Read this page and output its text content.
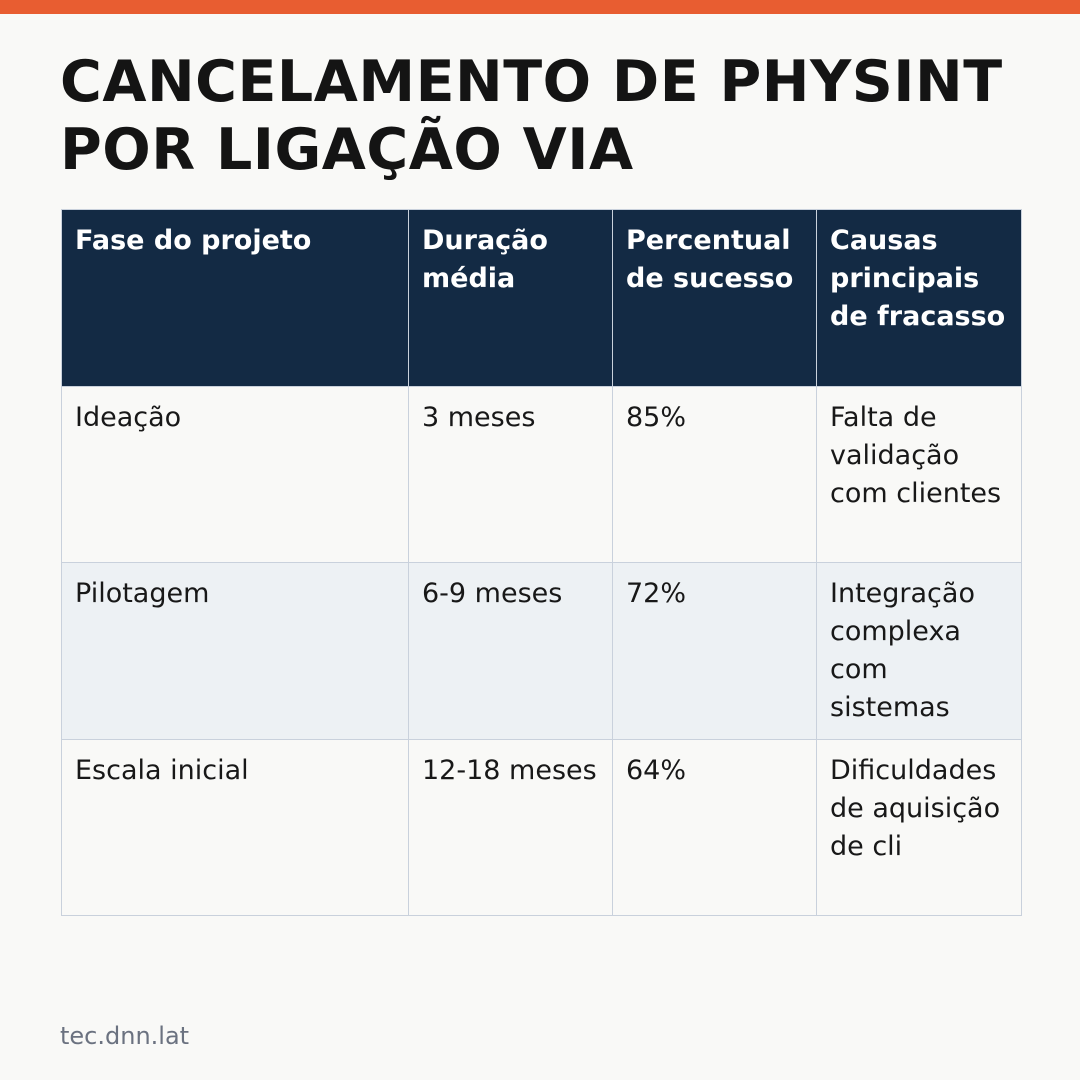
CANCELAMENTO DE PHYSINT
POR LIGAÇÃO VIA
Fase do projeto	Duração média	Percentual de sucesso	Causas principais de fracasso
Ideação	3 meses	85%	Falta de validação com clientes
Pilotagem	6-9 meses	72%	Integração complexa com sistemas
Escala inicial	12-18 meses	64%	Dificuldades de aquisição de cli
tec.dnn.lat
